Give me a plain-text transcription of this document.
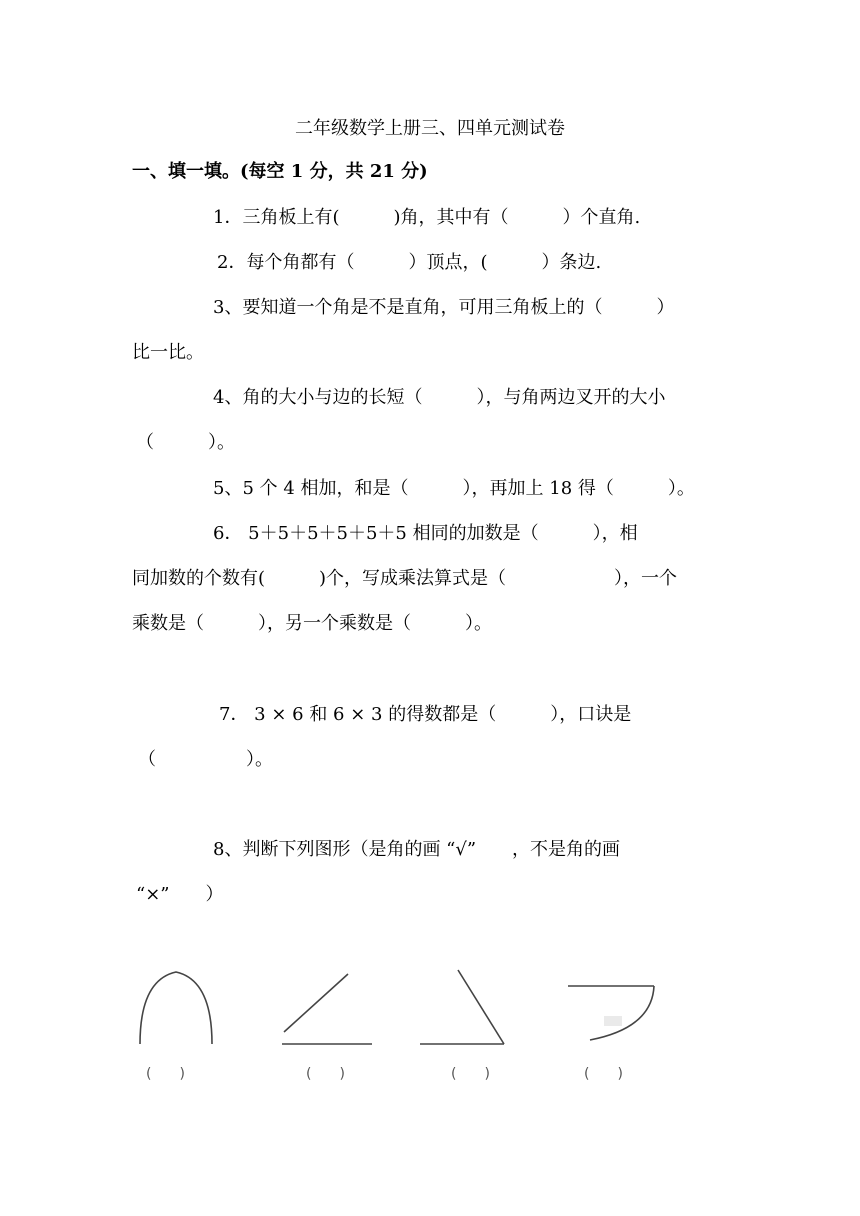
二年级数学上册三、四单元测试卷
一、填一填。(每空 1 分，共 21 分)
1．三角板上有(　　　)角，其中有（　　　）个直角.
2．每个角都有（　　　）顶点，(　　　）条边.
3、要知道一个角是不是直角，可用三角板上的（　　　）
比一比。
4、角的大小与边的长短（　　　），与角两边叉开的大小
（　　　）。
5、5 个 4 相加，和是（　　　），再加上 18 得（　　　）。
6． 5＋5＋5＋5＋5＋5 相同的加数是（　　　），相
同加数的个数有(　　　)个，写成乘法算式是（　　　　　　），一个
乘数是（　　　），另一个乘数是（　　　）。
7． 3 × 6 和 6 × 3 的得数都是（　　　），口诀是
（　　　　　）。
8、判断下列图形（是角的画 “√”　　，不是角的画
“×”　　）
(　　)	(　　)	(　　)	(　　)
